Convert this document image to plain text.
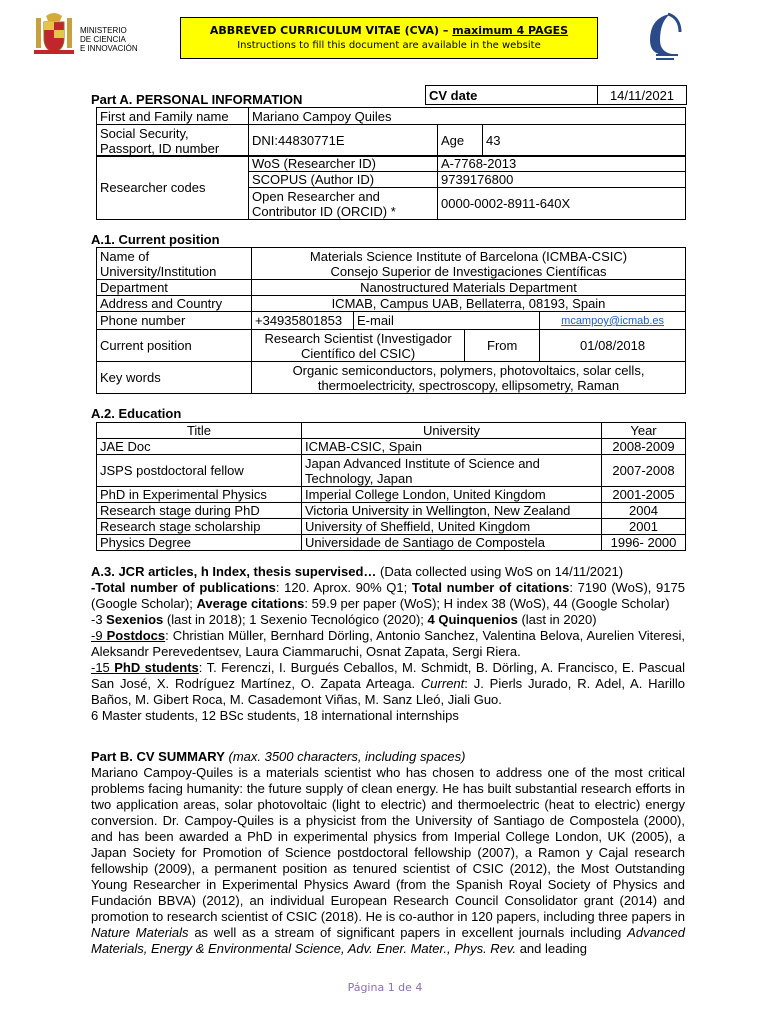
MINISTERIO
DE CIENCIA
E INNOVACIÓN
ABBREVED CURRICULUM VITAE (CVA) – maximum 4 PAGES
Instructions to fill this document are available in the website
Part A. PERSONAL INFORMATION	CV date	14/11/2021
First and Family name	Mariano Campoy Quiles		
Social Security, Passport, ID number	DNI:44830771E	Age	43
Researcher codes	WoS (Researcher ID)	A-7768-2013
	SCOPUS (Author ID)	9739176800
	Open Researcher and Contributor ID (ORCID) *	0000-0002-8911-640X
A.1. Current position
Name of University/Institution	Materials Science Institute of Barcelona (ICMBA-CSIC)
Consejo Superior de Investigaciones Científicas			
Department	Nanostructured Materials Department			
Address and Country	ICMAB, Campus UAB, Bellaterra, 08193, Spain			
Phone number	+34935801853	E-mail		mcampoy@icmab.es
Current position	Research Scientist (Investigador Científico del CSIC)		From	01/08/2018
Key words	Organic semiconductors, polymers, photovoltaics, solar cells, thermoelectricity, spectroscopy, ellipsometry, Raman			
A.2. Education
Title	University	Year
JAE Doc	ICMAB-CSIC, Spain	2008-2009
JSPS postdoctoral fellow	Japan Advanced Institute of Science and Technology, Japan	2007-2008
PhD in Experimental Physics	Imperial College London, United Kingdom	2001-2005
Research stage during PhD	Victoria University in Wellington, New Zealand	2004
Research stage scholarship	University of Sheffield, United Kingdom	2001
Physics Degree	Universidade de Santiago de Compostela	1996- 2000
A.3. JCR articles, h Index, thesis supervised… (Data collected using WoS on 14/11/2021)
-Total number of publications: 120. Aprox. 90% Q1; Total number of citations: 7190 (WoS), 9175 (Google Scholar); Average citations: 59.9 per paper (WoS); H index 38 (WoS), 44 (Google Scholar)
-3 Sexenios (last in 2018); 1 Sexenio Tecnológico (2020); 4 Quinquenios (last in 2020)
-9 Postdocs: Christian Müller, Bernhard Dörling, Antonio Sanchez, Valentina Belova, Aurelien Viteresi, Aleksandr Perevedentsev, Laura Ciammaruchi, Osnat Zapata, Sergi Riera.
-15 PhD students: T. Ferenczi, I. Burgués Ceballos, M. Schmidt, B. Dörling, A. Francisco, E. Pascual San José, X. Rodríguez Martínez, O. Zapata Arteaga. Current: J. Pierls Jurado, R. Adel, A. Harillo Baños, M. Gibert Roca, M. Casademont Viñas, M. Sanz Lleó, Jiali Guo.
6 Master students, 12 BSc students, 18 international internships
Part B. CV SUMMARY (max. 3500 characters, including spaces)
Mariano Campoy-Quiles is a materials scientist who has chosen to address one of the most critical problems facing humanity: the future supply of clean energy. He has built substantial research efforts in two application areas, solar photovoltaic (light to electric) and thermoelectric (heat to electric) energy conversion. Dr. Campoy-Quiles is a physicist from the University of Santiago de Compostela (2000), and has been awarded a PhD in experimental physics from Imperial College London, UK (2005), a Japan Society for Promotion of Science postdoctoral fellowship (2007), a Ramon y Cajal research fellowship (2009), a permanent position as tenured scientist of CSIC (2012), the Most Outstanding Young Researcher in Experimental Physics Award (from the Spanish Royal Society of Physics and Fundación BBVA) (2012), an individual European Research Council Consolidator grant (2014) and promotion to research scientist of CSIC (2018). He is co-author in 120 papers, including three papers in Nature Materials as well as a stream of significant papers in excellent journals including Advanced Materials, Energy & Environmental Science, Adv. Ener. Mater., Phys. Rev. and leading
Página 1 de 4
